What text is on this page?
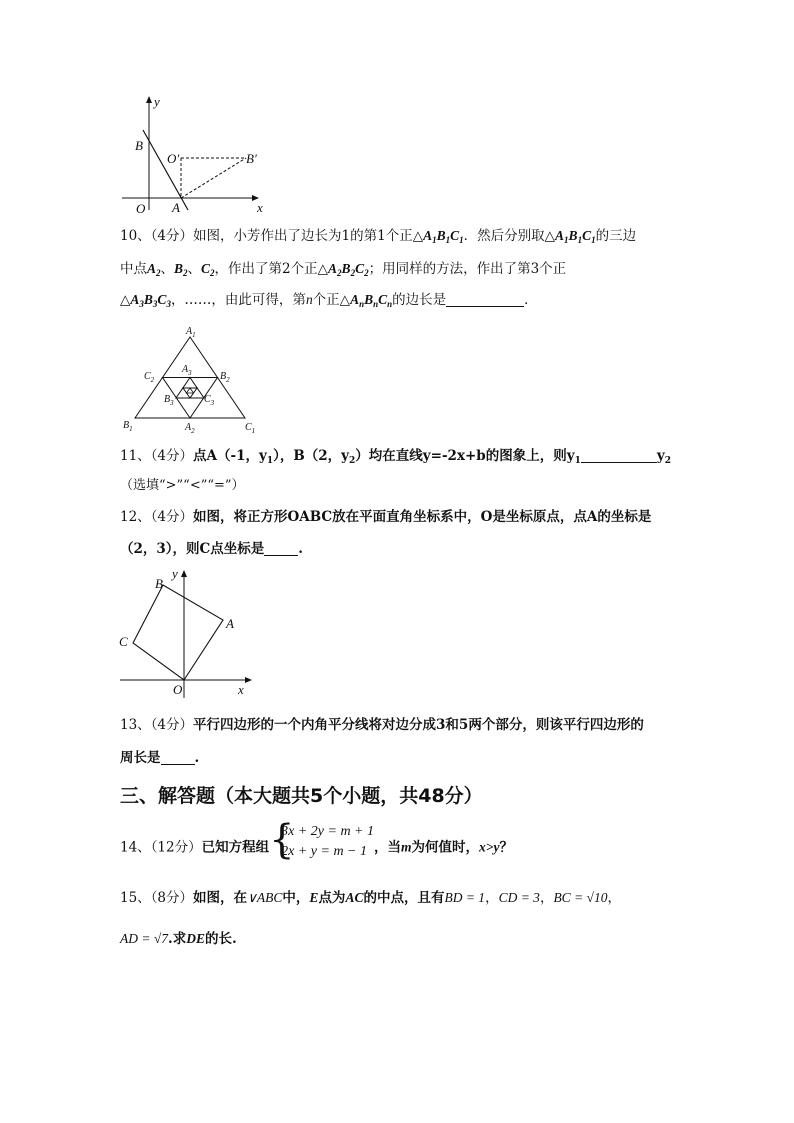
y
x
B
O′	B′
O A
10、（4分）如图，小芳作出了边长为1的第1个正$\triangle A_1B_1C_1$．然后分别取$\triangle A_1B_1C_1$的三边
中点$A_2$、$B_2$、$C_2$，作出了第2个正$\triangle A_2B_2C_2$；用同样的方法，作出了第3个正
$\triangle A_3B_3C_3$，……，由此可得，第n个正$\triangle A_nB_nC_n$的边长是	．
$A_1$
$C_2$	$B_2$
$A_3$
$B_3$	$C_3$
$B_1$	$A_2$	$C_1$
11、（4分）点A（-1，$y_1$），B（2，$y_2$）均在直线y=-2x+b的图象上，则$y_1$	$y_2$
（选填“>”“<”“=”）
12、（4分）如图，将正方形OABC放在平面直角坐标系中，O是坐标原点，点A的坐标是
（2，3），则C点坐标是	.
B
y
A
C
O	x
13、（4分）平行四边形的一个内角平分线将对边分成3和5两个部分，则该平行四边形的
周长是	.
三、解答题（本大题共5个小题，共48分）
14、（12分）已知方程组 {
3x + 2y = m + 1
2x + y = m − 1 ，当m为何值时，x>y？
15、（8分）如图，在∨ABC中，E点为AC的中点，且有BD = 1，CD = 3，BC = √10，
AD = √7.求DE的长.
